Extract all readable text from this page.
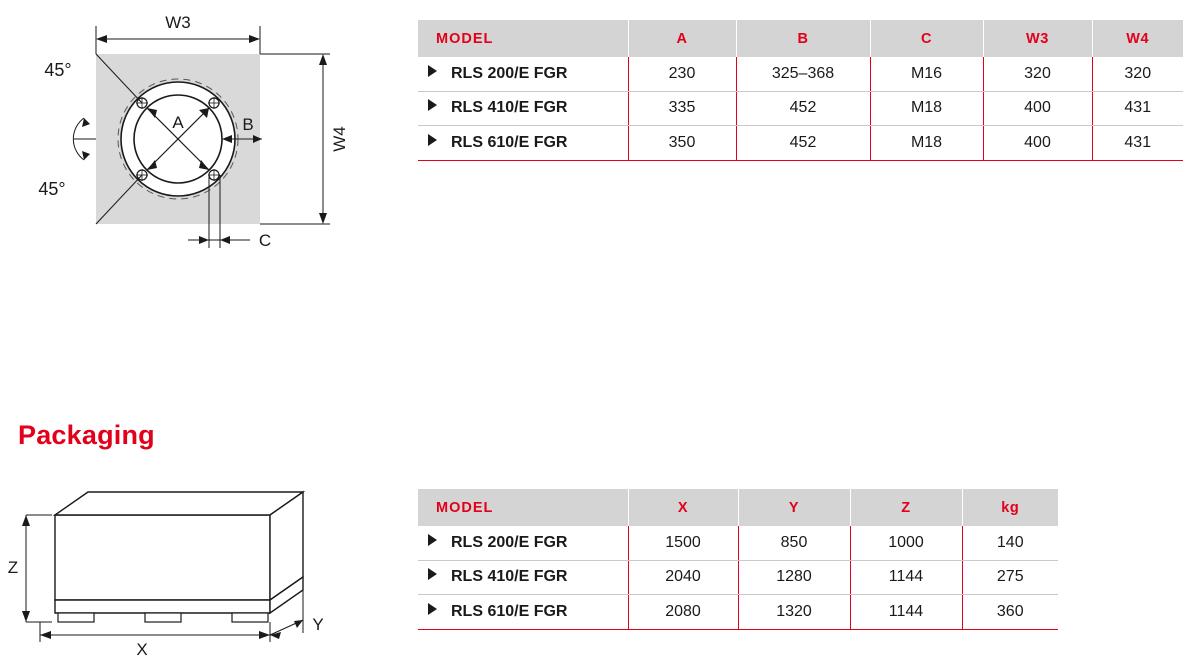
W3
W4
B
A
C
45°
45°
Packaging
Z
X
Y
MODEL	A	B	C	W3	W4
RLS 200/E FGR	230	325–368	M16	320	320
RLS 410/E FGR	335	452	M18	400	431
RLS 610/E FGR	350	452	M18	400	431
MODEL	X	Y	Z	kg
RLS 200/E FGR	1500	850	1000	140
RLS 410/E FGR	2040	1280	1144	275
RLS 610/E FGR	2080	1320	1144	360
